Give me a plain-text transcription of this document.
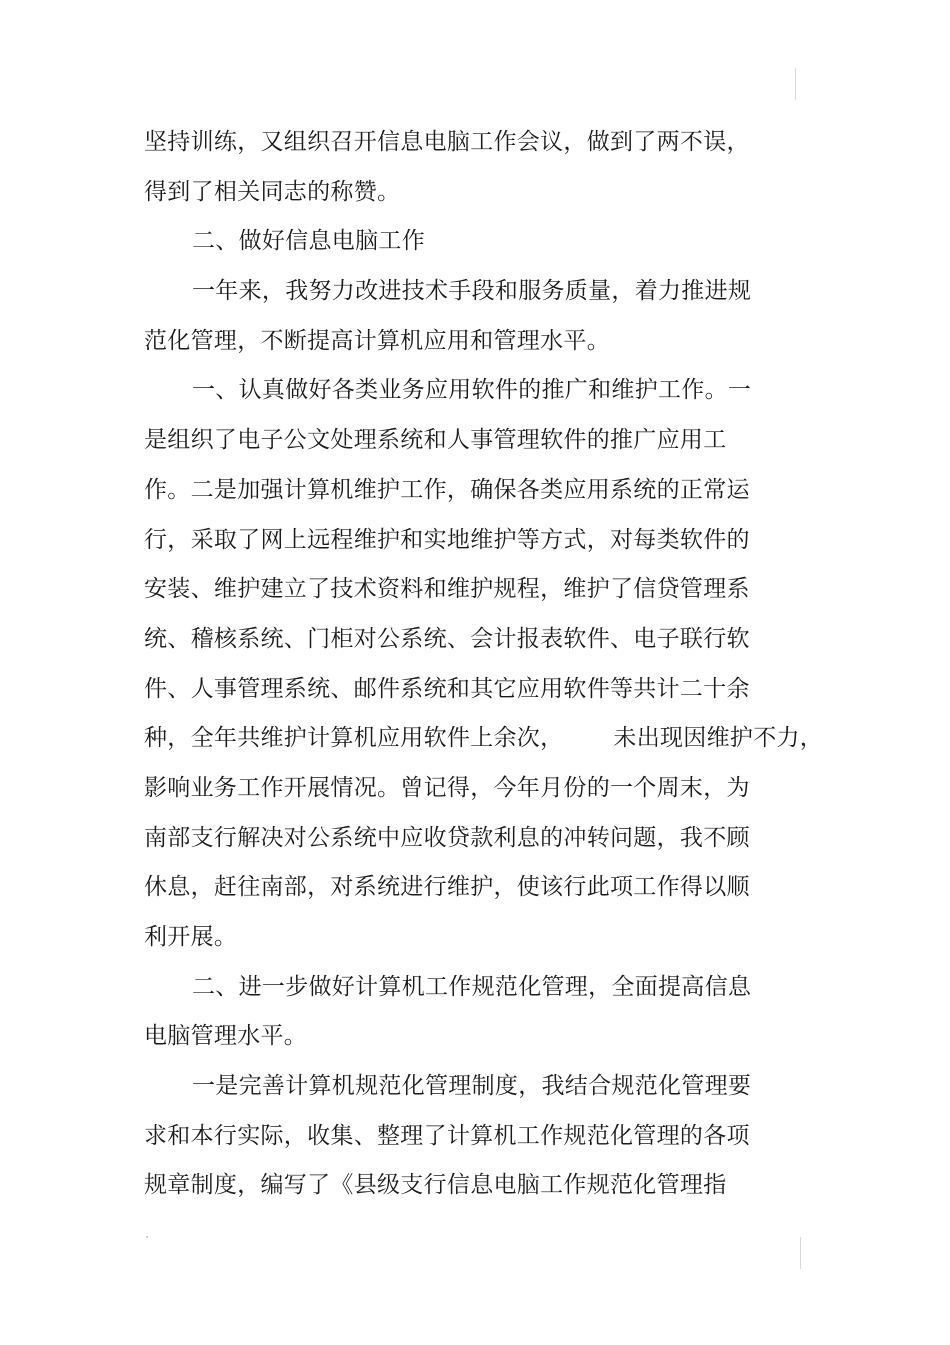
坚持训练，又组织召开信息电脑工作会议，做到了两不误，
得到了相关同志的称赞。
二、做好信息电脑工作
一年来，我努力改进技术手段和服务质量，着力推进规
范化管理，不断提高计算机应用和管理水平。
一、认真做好各类业务应用软件的推广和维护工作。一
是组织了电子公文处理系统和人事管理软件的推广应用工
作。二是加强计算机维护工作，确保各类应用系统的正常运
行，采取了网上远程维护和实地维护等方式，对每类软件的
安装、维护建立了技术资料和维护规程，维护了信贷管理系
统、稽核系统、门柜对公系统、会计报表软件、电子联行软
件、人事管理系统、邮件系统和其它应用软件等共计二十余
种，全年共维护计算机应用软件上余次， 未出现因维护不力，
影响业务工作开展情况。曾记得，今年月份的一个周末，为
南部支行解决对公系统中应收贷款利息的冲转问题，我不顾
休息，赶往南部，对系统进行维护，使该行此项工作得以顺
利开展。
二、进一步做好计算机工作规范化管理，全面提高信息
电脑管理水平。
一是完善计算机规范化管理制度，我结合规范化管理要
求和本行实际，收集、整理了计算机工作规范化管理的各项
规章制度，编写了《县级支行信息电脑工作规范化管理指
